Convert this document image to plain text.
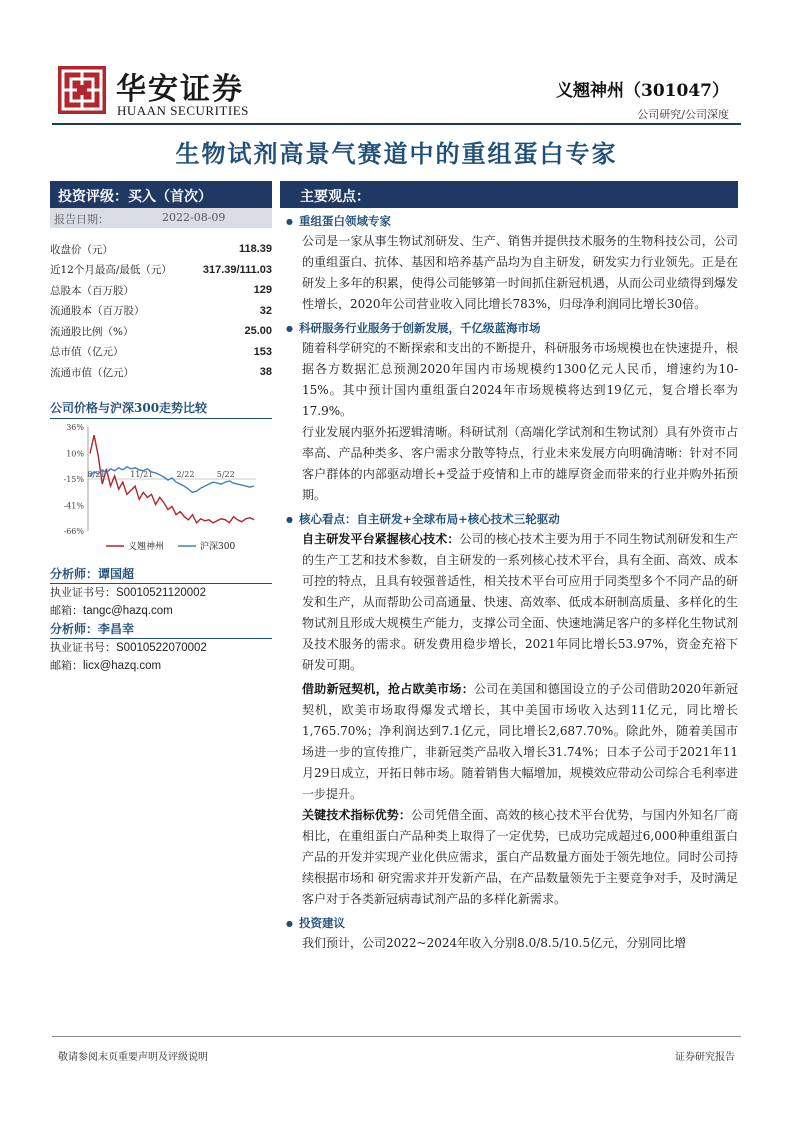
华安证券
HUAAN SECURITIES
义翘神州（301047）
公司研究/公司深度
生物试剂高景气赛道中的重组蛋白专家
投资评级：买入（首次）
报告日期：	2022-08-09
收盘价（元）	118.39
近12个月最高/最低（元）	317.39/111.03
总股本（百万股）	129
流通股本（百万股）	32
流通股比例（%）	25.00
总市值（亿元）	153
流通市值（亿元）	38
公司价格与沪深300走势比较
36%
10%
-15%
-41%
-66%
8/21	11/21	2/22	5/22
义翘神州	沪深300
分析师：谭国超
执业证书号：S0010521120002
邮箱：tangc@hazq.com
分析师：李昌幸
执业证书号：S0010522070002
邮箱：licx@hazq.com
主要观点：
● 重组蛋白领域专家

公司是一家从事生物试剂研发、生产、销售并提供技术服务的生物科技公司，公司的重组蛋白、抗体、基因和培养基产品均为自主研发，研发实力行业领先。正是在研发上多年的积累，使得公司能够第一时间抓住新冠机遇，从而公司业绩得到爆发性增长，2020年公司营业收入同比增长783%，归母净利润同比增长30倍。

● 科研服务行业服务于创新发展，千亿级蓝海市场

随着科学研究的不断探索和支出的不断提升，科研服务市场规模也在快速提升，根据各方数据汇总预测2020年国内市场规模约1300亿元人民币，增速约为10-15%。其中预计国内重组蛋白2024年市场规模将达到19亿元，复合增长率为17.9%。

行业发展内驱外拓逻辑清晰。科研试剂（高端化学试剂和生物试剂）具有外资市占率高、产品种类多、客户需求分散等特点，行业未来发展方向明确清晰：针对不同客户群体的内部驱动增长+受益于疫情和上市的雄厚资金而带来的行业并购外拓预期。

● 核心看点：自主研发+全球布局+核心技术三轮驱动

自主研发平台紧握核心技术：公司的核心技术主要为用于不同生物试剂研发和生产的生产工艺和技术参数，自主研发的一系列核心技术平台，具有全面、高效、成本可控的特点，且具有较强普适性，相关技术平台可应用于同类型多个不同产品的研发和生产，从而帮助公司高通量、快速、高效率、低成本研制高质量、多样化的生物试剂且形成大规模生产能力，支撑公司全面、快速地满足客户的多样化生物试剂及技术服务的需求。研发费用稳步增长，2021年同比增长53.97%，资金充裕下研发可期。

借助新冠契机，抢占欧美市场：公司在美国和德国设立的子公司借助2020年新冠契机，欧美市场取得爆发式增长，其中美国市场收入达到11亿元，同比增长1,765.70%；净利润达到7.1亿元，同比增长2,687.70%。除此外，随着美国市场进一步的宣传推广，非新冠类产品收入增长31.74%；日本子公司于2021年11月29日成立，开拓日韩市场。随着销售大幅增加，规模效应带动公司综合毛利率进一步提升。

关键技术指标优势：公司凭借全面、高效的核心技术平台优势，与国内外知名厂商相比，在重组蛋白产品种类上取得了一定优势，已成功完成超过6,000种重组蛋白产品的开发并实现产业化供应需求，蛋白产品数量方面处于领先地位。同时公司持续根据市场和 研究需求并开发新产品，在产品数量领先于主要竞争对手，及时满足客户对于各类新冠病毒试剂产品的多样化新需求。

● 投资建议

我们预计，公司2022~2024年收入分别8.0/8.5/10.5亿元，分别同比增

敬请参阅末页重要声明及评级说明	证券研究报告
